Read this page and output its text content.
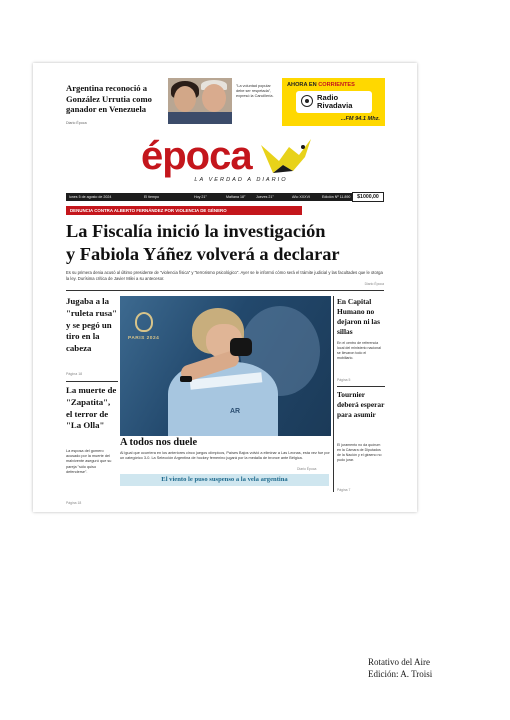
Argentina reconoció a González Urrutia como ganador en Venezuela
Diario Época
"La voluntad popular debe ser respetada", expresó la Cancillería.
AHORA EN CORRIENTES
Radio
Rivadavia
...FM 94.1 Mhz.
época
LA VERDAD A DIARIO
lunes 5 de agosto de 2024	El tiempo	Hoy 21°	Mañana 18°	Jueves 21°	Año XXXVI	Edición Nº 11.890	$1000,00
DENUNCIA CONTRA ALBERTO FERNÁNDEZ POR VIOLENCIA DE GÉNERO
La Fiscalía inició la investigación
y Fabiola Yáñez volverá a declarar
Es su primera denia acusó al último presidente de "violencia física" y "terrorismo psicológico". Ayer se le informó cómo será el trámite judicial y las facultades que le otorga la ley. Durísima crítica de Javier Milei a su antecesor.
Diario Época
Jugaba a la "ruleta rusa" y se pegó un tiro en la cabeza
Página 18
La muerte de "Zapatita", el terror de "La Olla"
La esposa del gomero acusado por la muerte del malvivente aseguró que su pareja "sólo quiso defenderse".
Página 18
PARIS 2024
AR
A todos nos duele
Al igual que ocurriera en los anteriores cinco juegos olímpicos, Países Bajos volvió a eliminar a Las Leonas, esta vez fue por un categórico 3-0. La Selección Argentina de hockey femenino jugará por la medalla de bronce ante Bélgica.
Diario Época
El viento le puso suspenso a la vela argentina
En Capital Humano no dejaron ni las sillas
En el centro de referencia local del ministerio nacional se llevaron todo el mobiliario.
Página 5
Tournier deberá esperar para asumir
El juramento no da quórum en la Cámara de Diputados de la Nación y el giraeno no pudo jurar.
Página 7
Rotativo del Aire
Edición: A. Troisi
